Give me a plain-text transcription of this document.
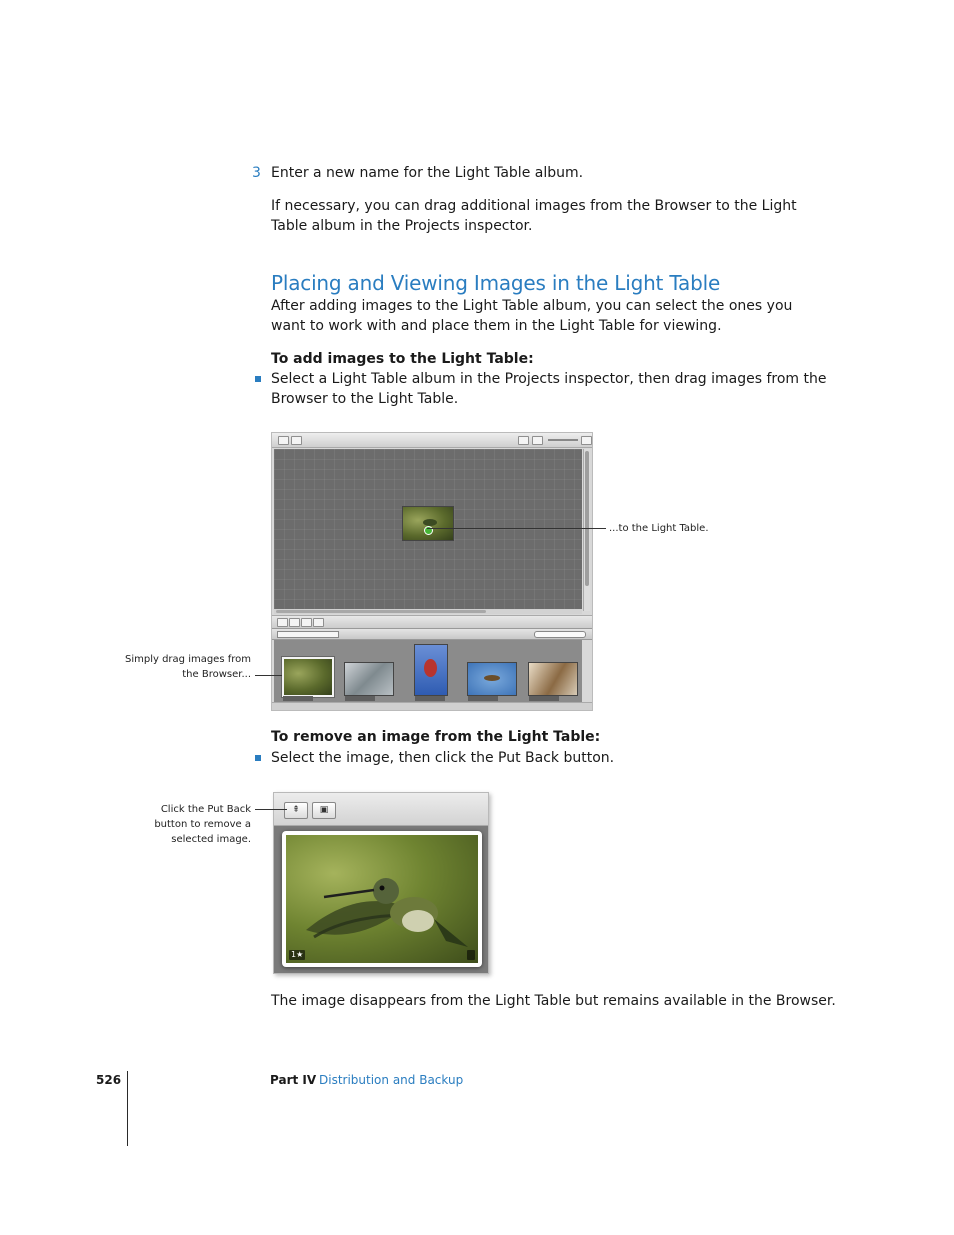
3 Enter a new name for the Light Table album.
If necessary, you can drag additional images from the Browser to the Light Table album in the Projects inspector.
Placing and Viewing Images in the Light Table
After adding images to the Light Table album, you can select the ones you want to work with and place them in the Light Table for viewing.
To add images to the Light Table:
Select a Light Table album in the Projects inspector, then drag images from the Browser to the Light Table.
Simply drag images from the Browser...
...to the Light Table.
To remove an image from the Light Table:
Select the image, then click the Put Back button.
⇞	▣
1★
Click the Put Back button to remove a selected image.
The image disappears from the Light Table but remains available in the Browser.
526	Part IV Distribution and Backup
